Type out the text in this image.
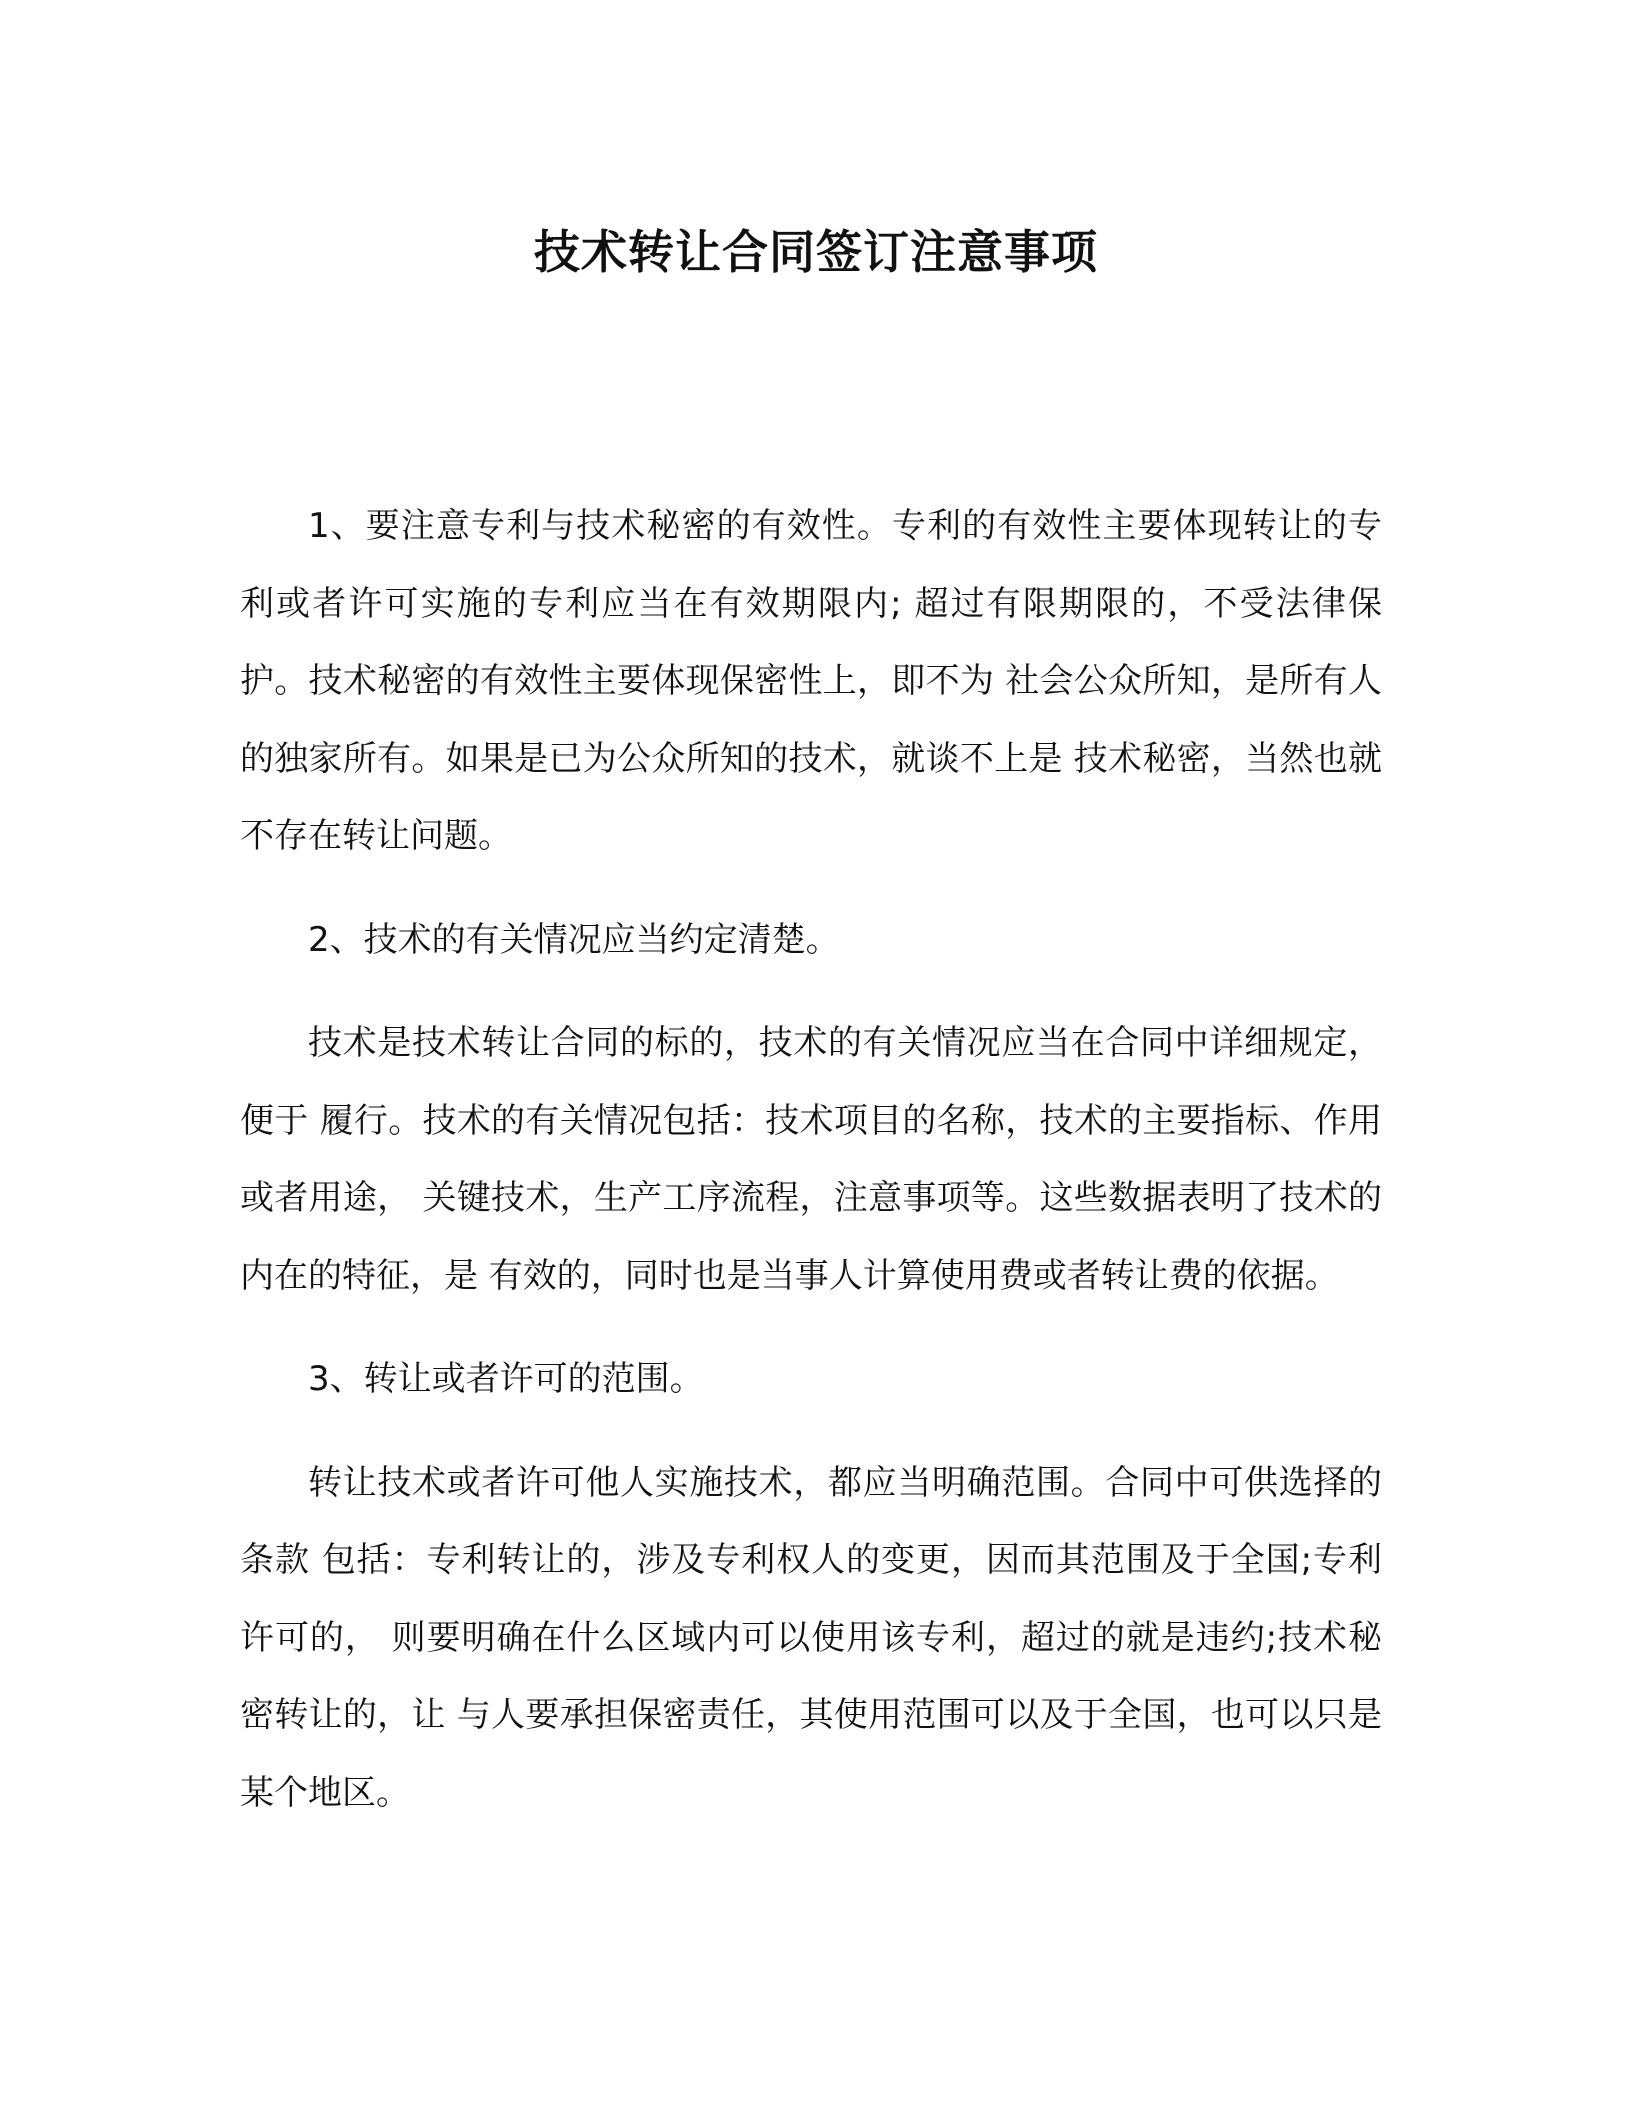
技术转让合同签订注意事项

1、要注意专利与技术秘密的有效性。专利的有效性主要体现转让的专利或者许可实施的专利应当在有效期限内; 超过有限期限的，不受法律保护。技术秘密的有效性主要体现保密性上，即不为 社会公众所知，是所有人的独家所有。如果是已为公众所知的技术，就谈不上是 技术秘密，当然也就不存在转让问题。

2、技术的有关情况应当约定清楚。

技术是技术转让合同的标的，技术的有关情况应当在合同中详细规定，便于 履行。技术的有关情况包括：技术项目的名称，技术的主要指标、作用或者用途， 关键技术，生产工序流程，注意事项等。这些数据表明了技术的内在的特征，是 有效的，同时也是当事人计算使用费或者转让费的依据。

3、转让或者许可的范围。

转让技术或者许可他人实施技术，都应当明确范围。合同中可供选择的条款 包括：专利转让的，涉及专利权人的变更，因而其范围及于全国;专利许可的， 则要明确在什么区域内可以使用该专利，超过的就是违约;技术秘密转让的，让 与人要承担保密责任，其使用范围可以及于全国，也可以只是某个地区。
